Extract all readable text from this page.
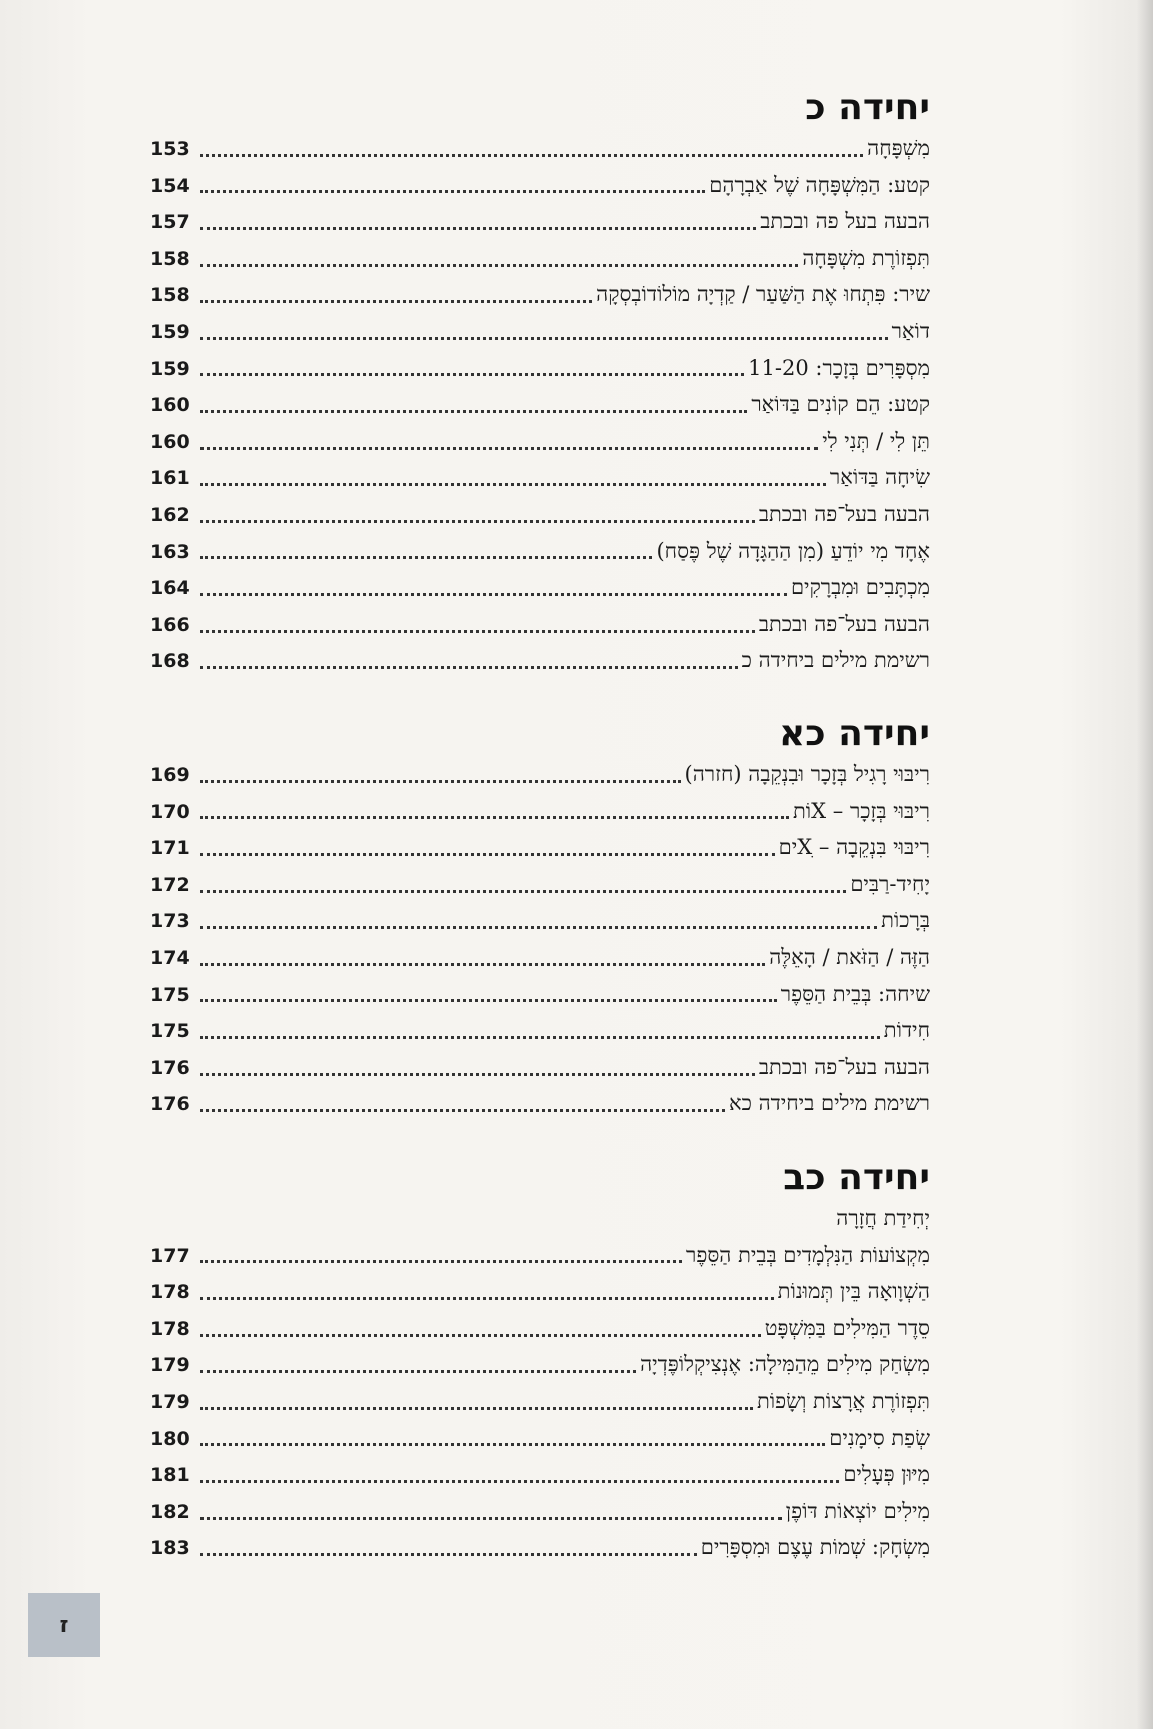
יחידה כ
153	מִשְׁפָּחָה
154	קטע: הַמִּשְׁפָּחָה שֶׁל אַבְרָהָם
157	הבעה בעל פה ובכתב
158	תִּפְזוֹרֶת מִשְׁפָּחָה
158	שיר: פִּתְחוּ אֶת הַשַּׁעַר / קַדְיָה מוֹלוֹדוֹבְסְקָה
159	דוֹאַר
159	מִסְפָּרִים בְּזָכָר: 11-20
160	קטע: הֵם קוֹנִים בַּדּוֹאַר
160	תֵּן לִי / תְּנִי לִי
161	שִׂיחָה בַּדּוֹאַר
162	הבעה בעל־פה ובכתב
163	אֶחָד מִי יוֹדֵעַ (מִן הַהַגָּדָה שֶׁל פֶּסַח)
164	מִכְתָּבִים וּמִבְרָקִים
166	הבעה בעל־פה ובכתב
168	רשימת מילים ביחידה כ
יחידה כא
169	רִיבּוּי רָגִיל בְּזָכָר וּבִנְקֵבָה (חזרה)
170	רִיבּוּי בְּזָכָר – Xוֹת
171	רִיבּוּי בִּנְקֵבָה – Xִים
172	יָחִיד-רַבִּים
173	בְּרָכוֹת
174	הַזֶּה / הַזֹּאת / הָאֵלֶּה
175	שיחה: בְּבֵית הַסֵּפֶר
175	חִידוֹת
176	הבעה בעל־פה ובכתב
176	רשימת מילים ביחידה כא
יחידה כב
יְחִידַת חֲזָרָה
177	מִקְצוֹעוֹת הַנִּלְמָדִים בְּבֵית הַסֵּפֶר
178	הַשְׁוָואָה בֵּין תְּמוּנוֹת
178	סֵדֶר הַמִּילִים בַּמִּשְׁפָּט
179	מִשְׂחַק מִילִים מֵהַמִּילָה: אֶנְצִיקְלוֹפֶּדְיָה
179	תִּפְזוֹרֶת אֲרָצוֹת וְשָׂפוֹת
180	שְׂפַת סִימָנִים
181	מִיּוּן פְּעָלִים
182	מִילִים יוֹצְאוֹת דּוֹפֶן
183	מִשְׂחָק: שְׁמוֹת עֶצֶם וּמִסְפָּרִים
ז
